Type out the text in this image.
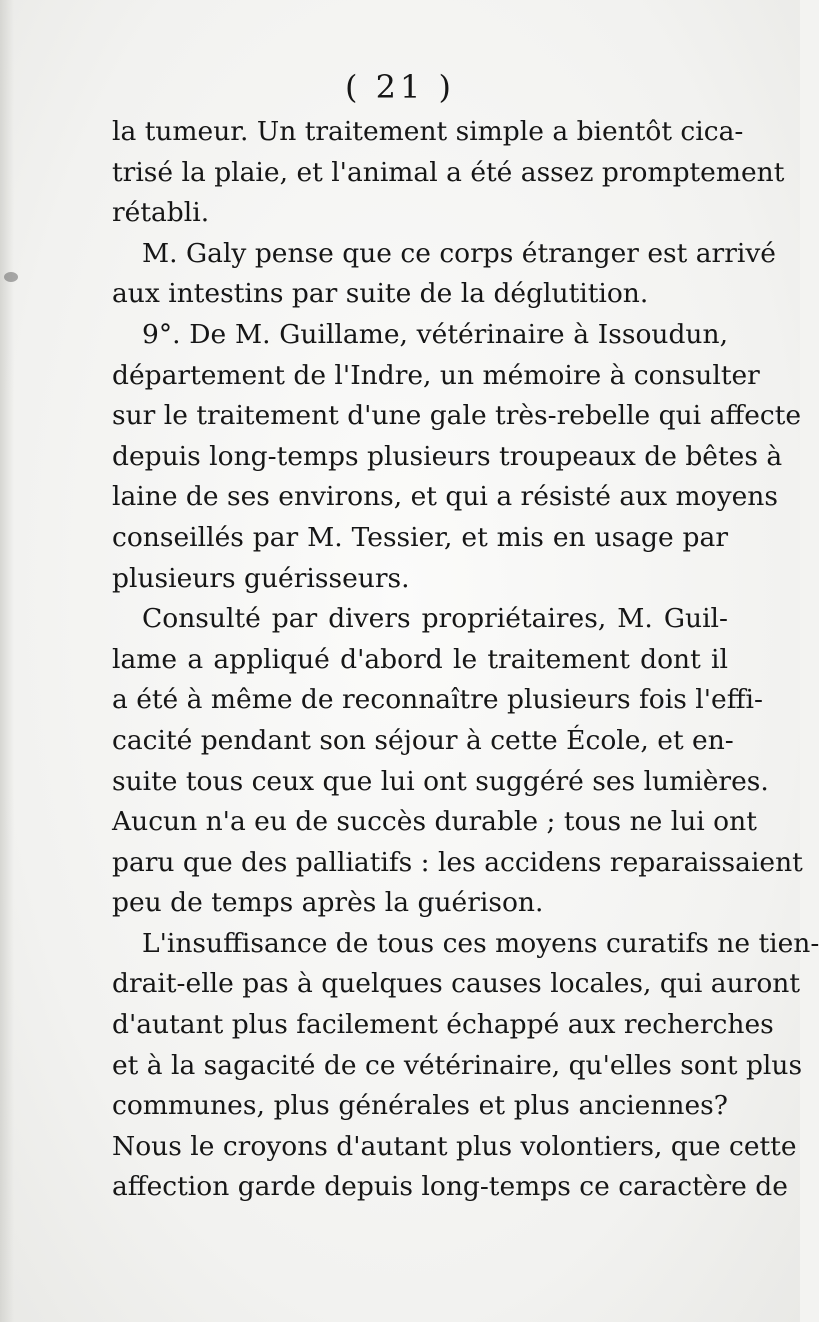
( 21 )

la tumeur. Un traitement simple a bientôt cica-
trisé la plaie, et l'animal a été assez promptement
rétabli.

M. Galy pense que ce corps étranger est arrivé
aux intestins par suite de la déglutition.

9°. De M. Guillame, vétérinaire à Issoudun,
département de l'Indre, un mémoire à consulter
sur le traitement d'une gale très-rebelle qui affecte
depuis long-temps plusieurs troupeaux de bêtes à
laine de ses environs, et qui a résisté aux moyens
conseillés par M. Tessier, et mis en usage par
plusieurs guérisseurs.

Consulté par divers propriétaires, M. Guil-
lame a appliqué d'abord le traitement dont il
a été à même de reconnaître plusieurs fois l'effi-
cacité pendant son séjour à cette École, et en-
suite tous ceux que lui ont suggéré ses lumières.
Aucun n'a eu de succès durable ; tous ne lui ont
paru que des palliatifs : les accidens reparaissaient
peu de temps après la guérison.

L'insuffisance de tous ces moyens curatifs ne tien-
drait-elle pas à quelques causes locales, qui auront
d'autant plus facilement échappé aux recherches
et à la sagacité de ce vétérinaire, qu'elles sont plus
communes, plus générales et plus anciennes?
Nous le croyons d'autant plus volontiers, que cette
affection garde depuis long-temps ce caractère de
